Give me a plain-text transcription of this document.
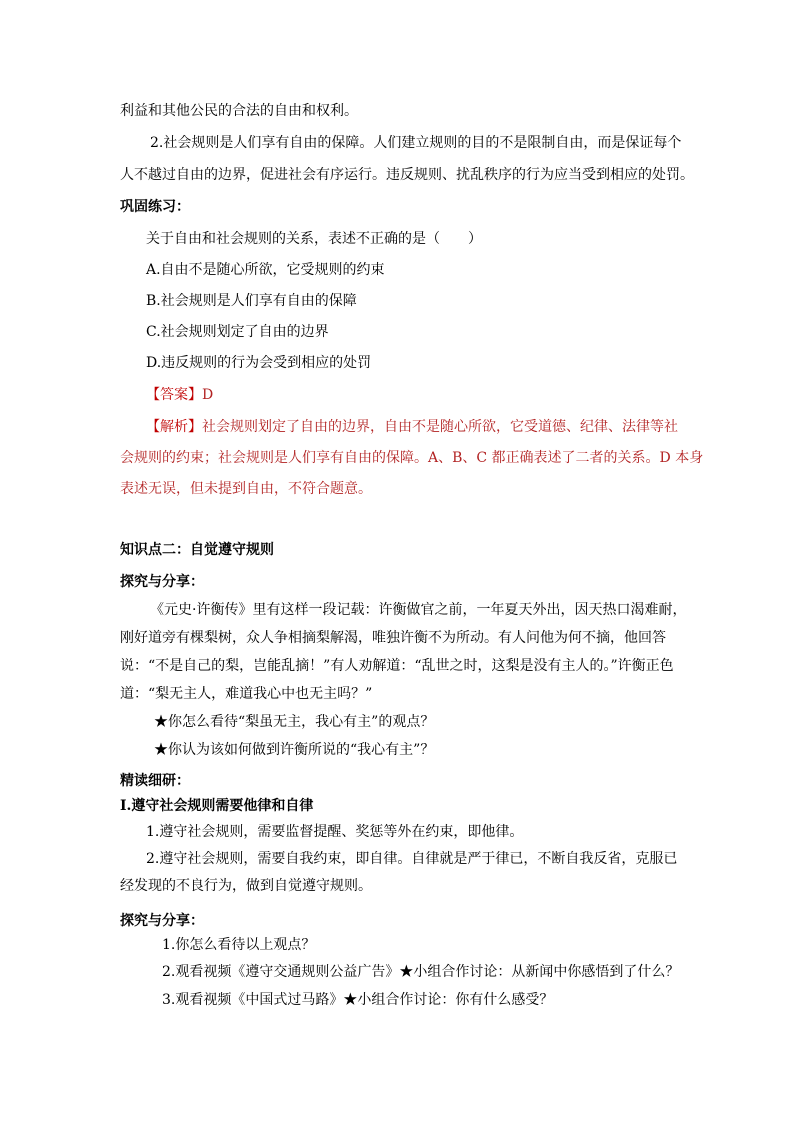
利益和其他公民的合法的自由和权利。
2.社会规则是人们享有自由的保障。人们建立规则的目的不是限制自由，而是保证每个
人不越过自由的边界，促进社会有序运行。违反规则、扰乱秩序的行为应当受到相应的处罚。
巩固练习：
关于自由和社会规则的关系，表述不正确的是（　　）
A.自由不是随心所欲，它受规则的约束
B.社会规则是人们享有自由的保障
C.社会规则划定了自由的边界
D.违反规则的行为会受到相应的处罚
【答案】D
【解析】社会规则划定了自由的边界，自由不是随心所欲，它受道德、纪律、法律等社
会规则的约束；社会规则是人们享有自由的保障。A、B、C 都正确表述了二者的关系。D 本身
表述无误，但未提到自由，不符合题意。
知识点二：自觉遵守规则
探究与分享：
《元史·许衡传》里有这样一段记载：许衡做官之前，一年夏天外出，因天热口渴难耐，
刚好道旁有棵梨树，众人争相摘梨解渴，唯独许衡不为所动。有人问他为何不摘，他回答
说：“不是自己的梨，岂能乱摘！”有人劝解道：“乱世之时，这梨是没有主人的。”许衡正色
道：“梨无主人，难道我心中也无主吗？”
★你怎么看待“梨虽无主，我心有主”的观点？
★你认为该如何做到许衡所说的“我心有主”？
精读细研：
Ⅰ.遵守社会规则需要他律和自律
1.遵守社会规则，需要监督提醒、奖惩等外在约束，即他律。
2.遵守社会规则，需要自我约束，即自律。自律就是严于律已，不断自我反省，克服已
经发现的不良行为，做到自觉遵守规则。
探究与分享：
1.你怎么看待以上观点？
2.观看视频《遵守交通规则公益广告》★小组合作讨论：从新闻中你感悟到了什么？
3.观看视频《中国式过马路》★小组合作讨论：你有什么感受？
